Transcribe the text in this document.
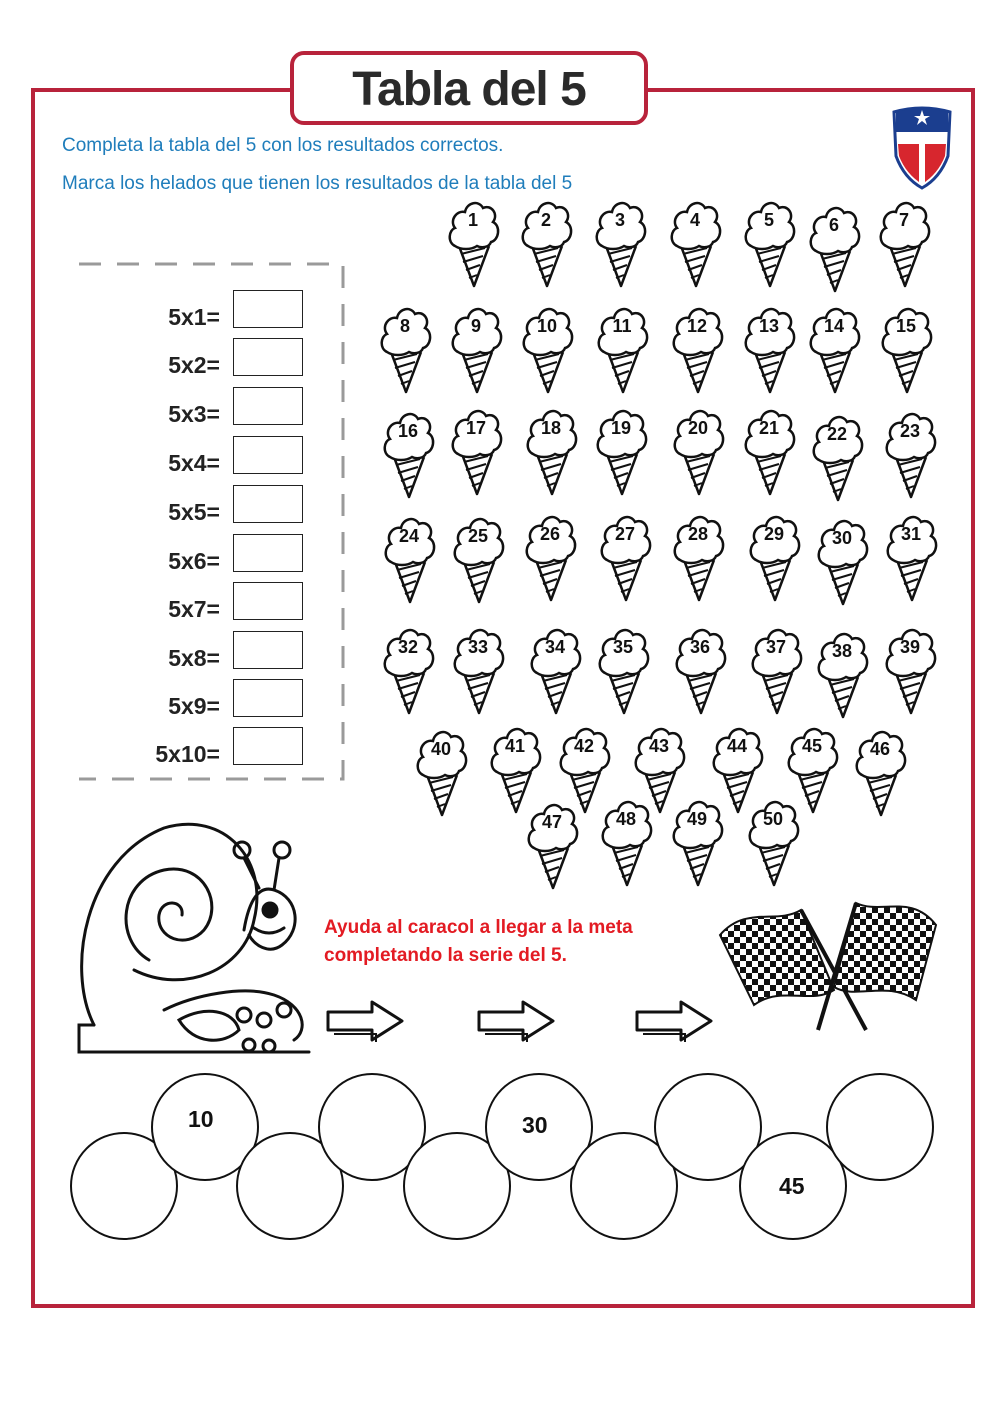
Tabla del 5
Completa la tabla del 5 con los resultados correctos.
Marca los helados que tienen los resultados de la tabla del 5
LA SALLE
5x1=
5x2=
5x3=
5x4=
5x5=
5x6=
5x7=
5x8=
5x9=
5x10=
1	2	3	4	5	6	7
8	9	10	11	12	13	14	15
16	17	18	19	20	21	22	23
24	25	26	27	28	29	30	31
32	33	34	35	36	37	38	39
40	41	42	43	44	45	46
47	48	49	50
Ayuda al caracol a llegar a la meta
completando la serie del 5.
10	30
45
